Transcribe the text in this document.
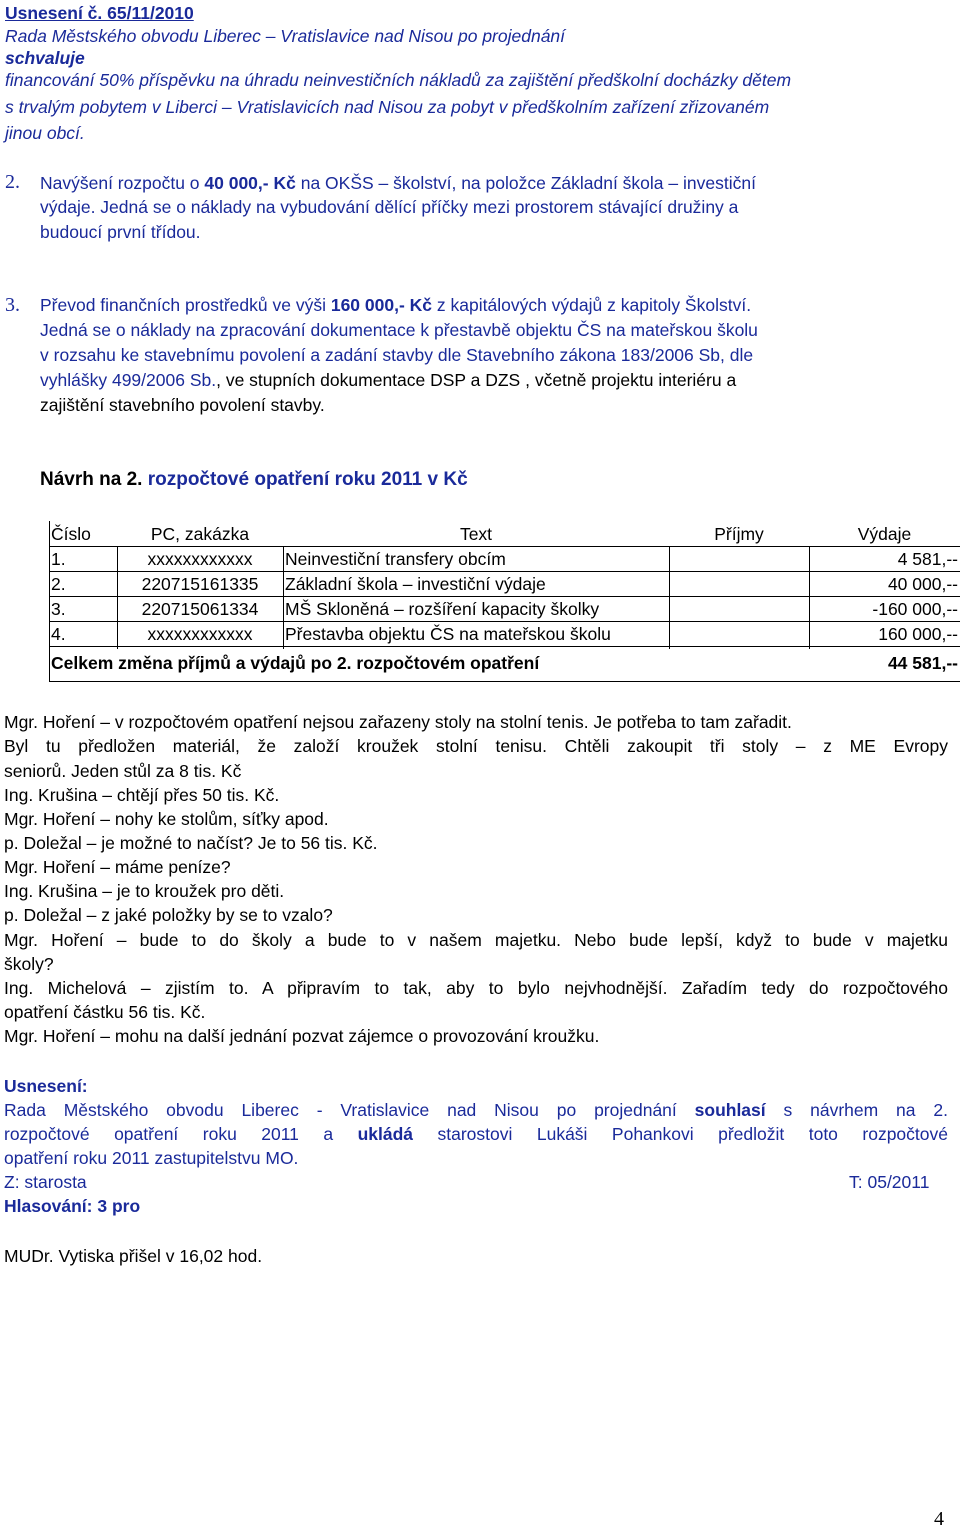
Usnesení č. 65/11/2010
Rada Městského obvodu Liberec – Vratislavice nad Nisou po projednání
schvaluje
financování 50% příspěvku na úhradu neinvestičních nákladů za zajištění předškolní docházky dětem
s trvalým pobytem v Liberci – Vratislavicích nad Nisou za pobyt v předškolním zařízení zřizovaném
jinou obcí.
2. Navýšení rozpočtu o 40 000,- Kč na OKŠS – školství, na položce Základní škola – investiční
výdaje. Jedná se o náklady na vybudování dělící příčky mezi prostorem stávající družiny a
budoucí první třídou.
3. Převod finančních prostředků ve výši 160 000,- Kč z kapitálových výdajů z kapitoly Školství.
Jedná se o náklady na zpracování dokumentace k přestavbě objektu ČS na mateřskou školu
v rozsahu ke stavebnímu povolení a zadání stavby dle Stavebního zákona 183/2006 Sb, dle
vyhlášky 499/2006 Sb., ve stupních dokumentace DSP a DZS , včetně projektu interiéru a
zajištění stavebního povolení stavby.
Návrh na 2. rozpočtové opatření roku 2011 v Kč
Číslo	PC, zakázka	Text	Příjmy	Výdaje
1.	xxxxxxxxxxxx	Neinvestiční transfery obcím		4 581,--
2.	220715161335	Základní škola – investiční výdaje		40 000,--
3.	220715061334	MŠ Skloněná – rozšíření kapacity školky		-160 000,--
4.	xxxxxxxxxxxx	Přestavba objektu ČS na mateřskou školu		160 000,--
Celkem změna příjmů a výdajů po 2. rozpočtovém opatření				44 581,--
Mgr. Hoření – v rozpočtovém opatření nejsou zařazeny stoly na stolní tenis. Je potřeba to tam zařadit.
Byl tu předložen materiál, že založí kroužek stolní tenisu. Chtěli zakoupit tři stoly – z ME Evropy
seniorů. Jeden stůl za 8 tis. Kč
Ing. Krušina – chtějí přes 50 tis. Kč.
Mgr. Hoření – nohy ke stolům, síťky apod.
p. Doležal – je možné to načíst? Je to 56 tis. Kč.
Mgr. Hoření – máme peníze?
Ing. Krušina – je to kroužek pro děti.
p. Doležal – z jaké položky by se to vzalo?
Mgr. Hoření – bude to do školy a bude to v našem majetku. Nebo bude lepší, když to bude v majetku
školy?
Ing. Michelová – zjistím to. A připravím to tak, aby to bylo nejvhodnější. Zařadím tedy do rozpočtového
opatření částku 56 tis. Kč.
Mgr. Hoření – mohu na další jednání pozvat zájemce o provozování kroužku.
Usnesení:
Rada Městského obvodu Liberec - Vratislavice nad Nisou po projednání souhlasí s návrhem na 2.
rozpočtové opatření roku 2011 a ukládá starostovi Lukáši Pohankovi předložit toto rozpočtové
opatření roku 2011 zastupitelstvu MO.
Z: starosta	T: 05/2011
Hlasování: 3 pro
MUDr. Vytiska přišel v 16,02 hod.
4
